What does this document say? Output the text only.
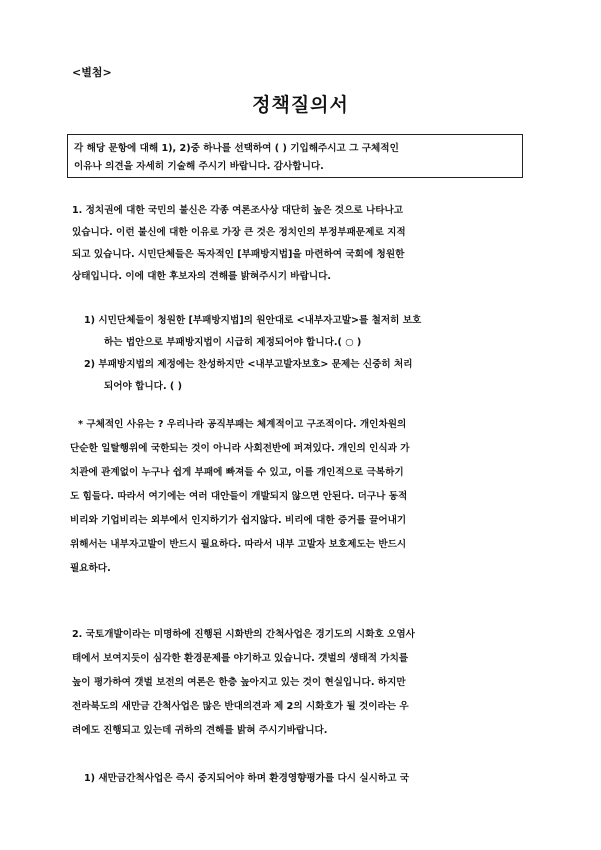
<별첨>
정책질의서
각 해당 문항에 대해 1), 2)중 하나를 선택하여 ( ) 기입해주시고 그 구체적인
이유나 의견을 자세히 기술해 주시기 바랍니다. 감사합니다.
1. 정치권에 대한 국민의 불신은 각종 여론조사상 대단히 높은 것으로 나타나고
있습니다. 이런 불신에 대한 이유로 가장 큰 것은 정치인의 부정부패문제로 지적
되고 있습니다. 시민단체들은 독자적인 [부패방지법]을 마련하여 국회에 청원한
상태입니다. 이에 대한 후보자의 견해를 밝혀주시기 바랍니다.
1) 시민단체들이 청원한 [부패방지법]의 원안대로 <내부자고발>를 철저히 보호
하는 법안으로 부패방지법이 시급히 제정되어야 합니다.( ○ )
2) 부패방지법의 제정에는 찬성하지만 <내부고발자보호> 문제는 신중히 처리
되어야 합니다. ( )
* 구체적인 사유는 ? 우리나라 공직부패는 체계적이고 구조적이다. 개인차원의
단순한 일탈행위에 국한되는 것이 아니라 사회전반에 퍼져있다. 개인의 인식과 가
치관에 관계없이 누구나 쉽게 부패에 빠져들 수 있고, 이를 개인적으로 극복하기
도 힘들다. 따라서 여기에는 여러 대안들이 개발되지 않으면 안된다. 더구나 동적
비리와 기업비리는 외부에서 인지하기가 쉽지않다. 비리에 대한 증거를 끌어내기
위해서는 내부자고발이 반드시 필요하다. 따라서 내부 고발자 보호제도는 반드시
필요하다.
2. 국토개발이라는 미명하에 진행된 시화반의 간척사업은 경기도의 시화호 오염사
태에서 보여지듯이 심각한 환경문제를 야기하고 있습니다. 갯벌의 생태적 가치를
높이 평가하여 갯벌 보전의 여론은 한층 높아지고 있는 것이 현실입니다. 하지만
전라북도의 새만금 간척사업은 많은 반대의견과 제 2의 시화호가 될 것이라는 우
려에도 진행되고 있는데 귀하의 견해를 밝혀 주시기바랍니다.
1) 새만금간척사업은 즉시 중지되어야 하며 환경영향평가를 다시 실시하고 국
